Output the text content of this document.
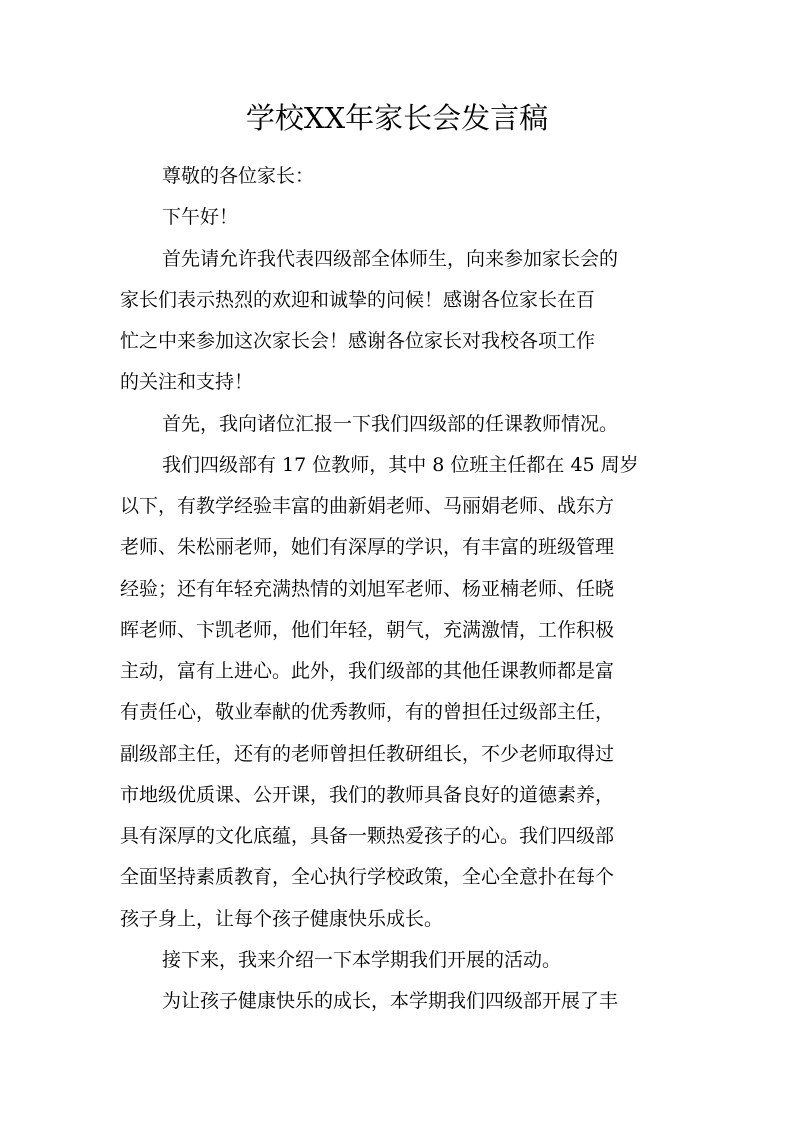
学校XX年家长会发言稿
尊敬的各位家长：
下午好！
首先请允许我代表四级部全体师生，向来参加家长会的
家长们表示热烈的欢迎和诚挚的问候！感谢各位家长在百
忙之中来参加这次家长会！感谢各位家长对我校各项工作
的关注和支持！
首先，我向诸位汇报一下我们四级部的任课教师情况。
我们四级部有 17 位教师，其中 8 位班主任都在 45 周岁
以下，有教学经验丰富的曲新娟老师、马丽娟老师、战东方
老师、朱松丽老师，她们有深厚的学识，有丰富的班级管理
经验；还有年轻充满热情的刘旭军老师、杨亚楠老师、任晓
晖老师、卞凯老师，他们年轻，朝气，充满激情，工作积极
主动，富有上进心。此外，我们级部的其他任课教师都是富
有责任心，敬业奉献的优秀教师，有的曾担任过级部主任，
副级部主任，还有的老师曾担任教研组长，不少老师取得过
市地级优质课、公开课，我们的教师具备良好的道德素养，
具有深厚的文化底蕴，具备一颗热爱孩子的心。我们四级部
全面坚持素质教育，全心执行学校政策，全心全意扑在每个
孩子身上，让每个孩子健康快乐成长。
接下来，我来介绍一下本学期我们开展的活动。
为让孩子健康快乐的成长，本学期我们四级部开展了丰
